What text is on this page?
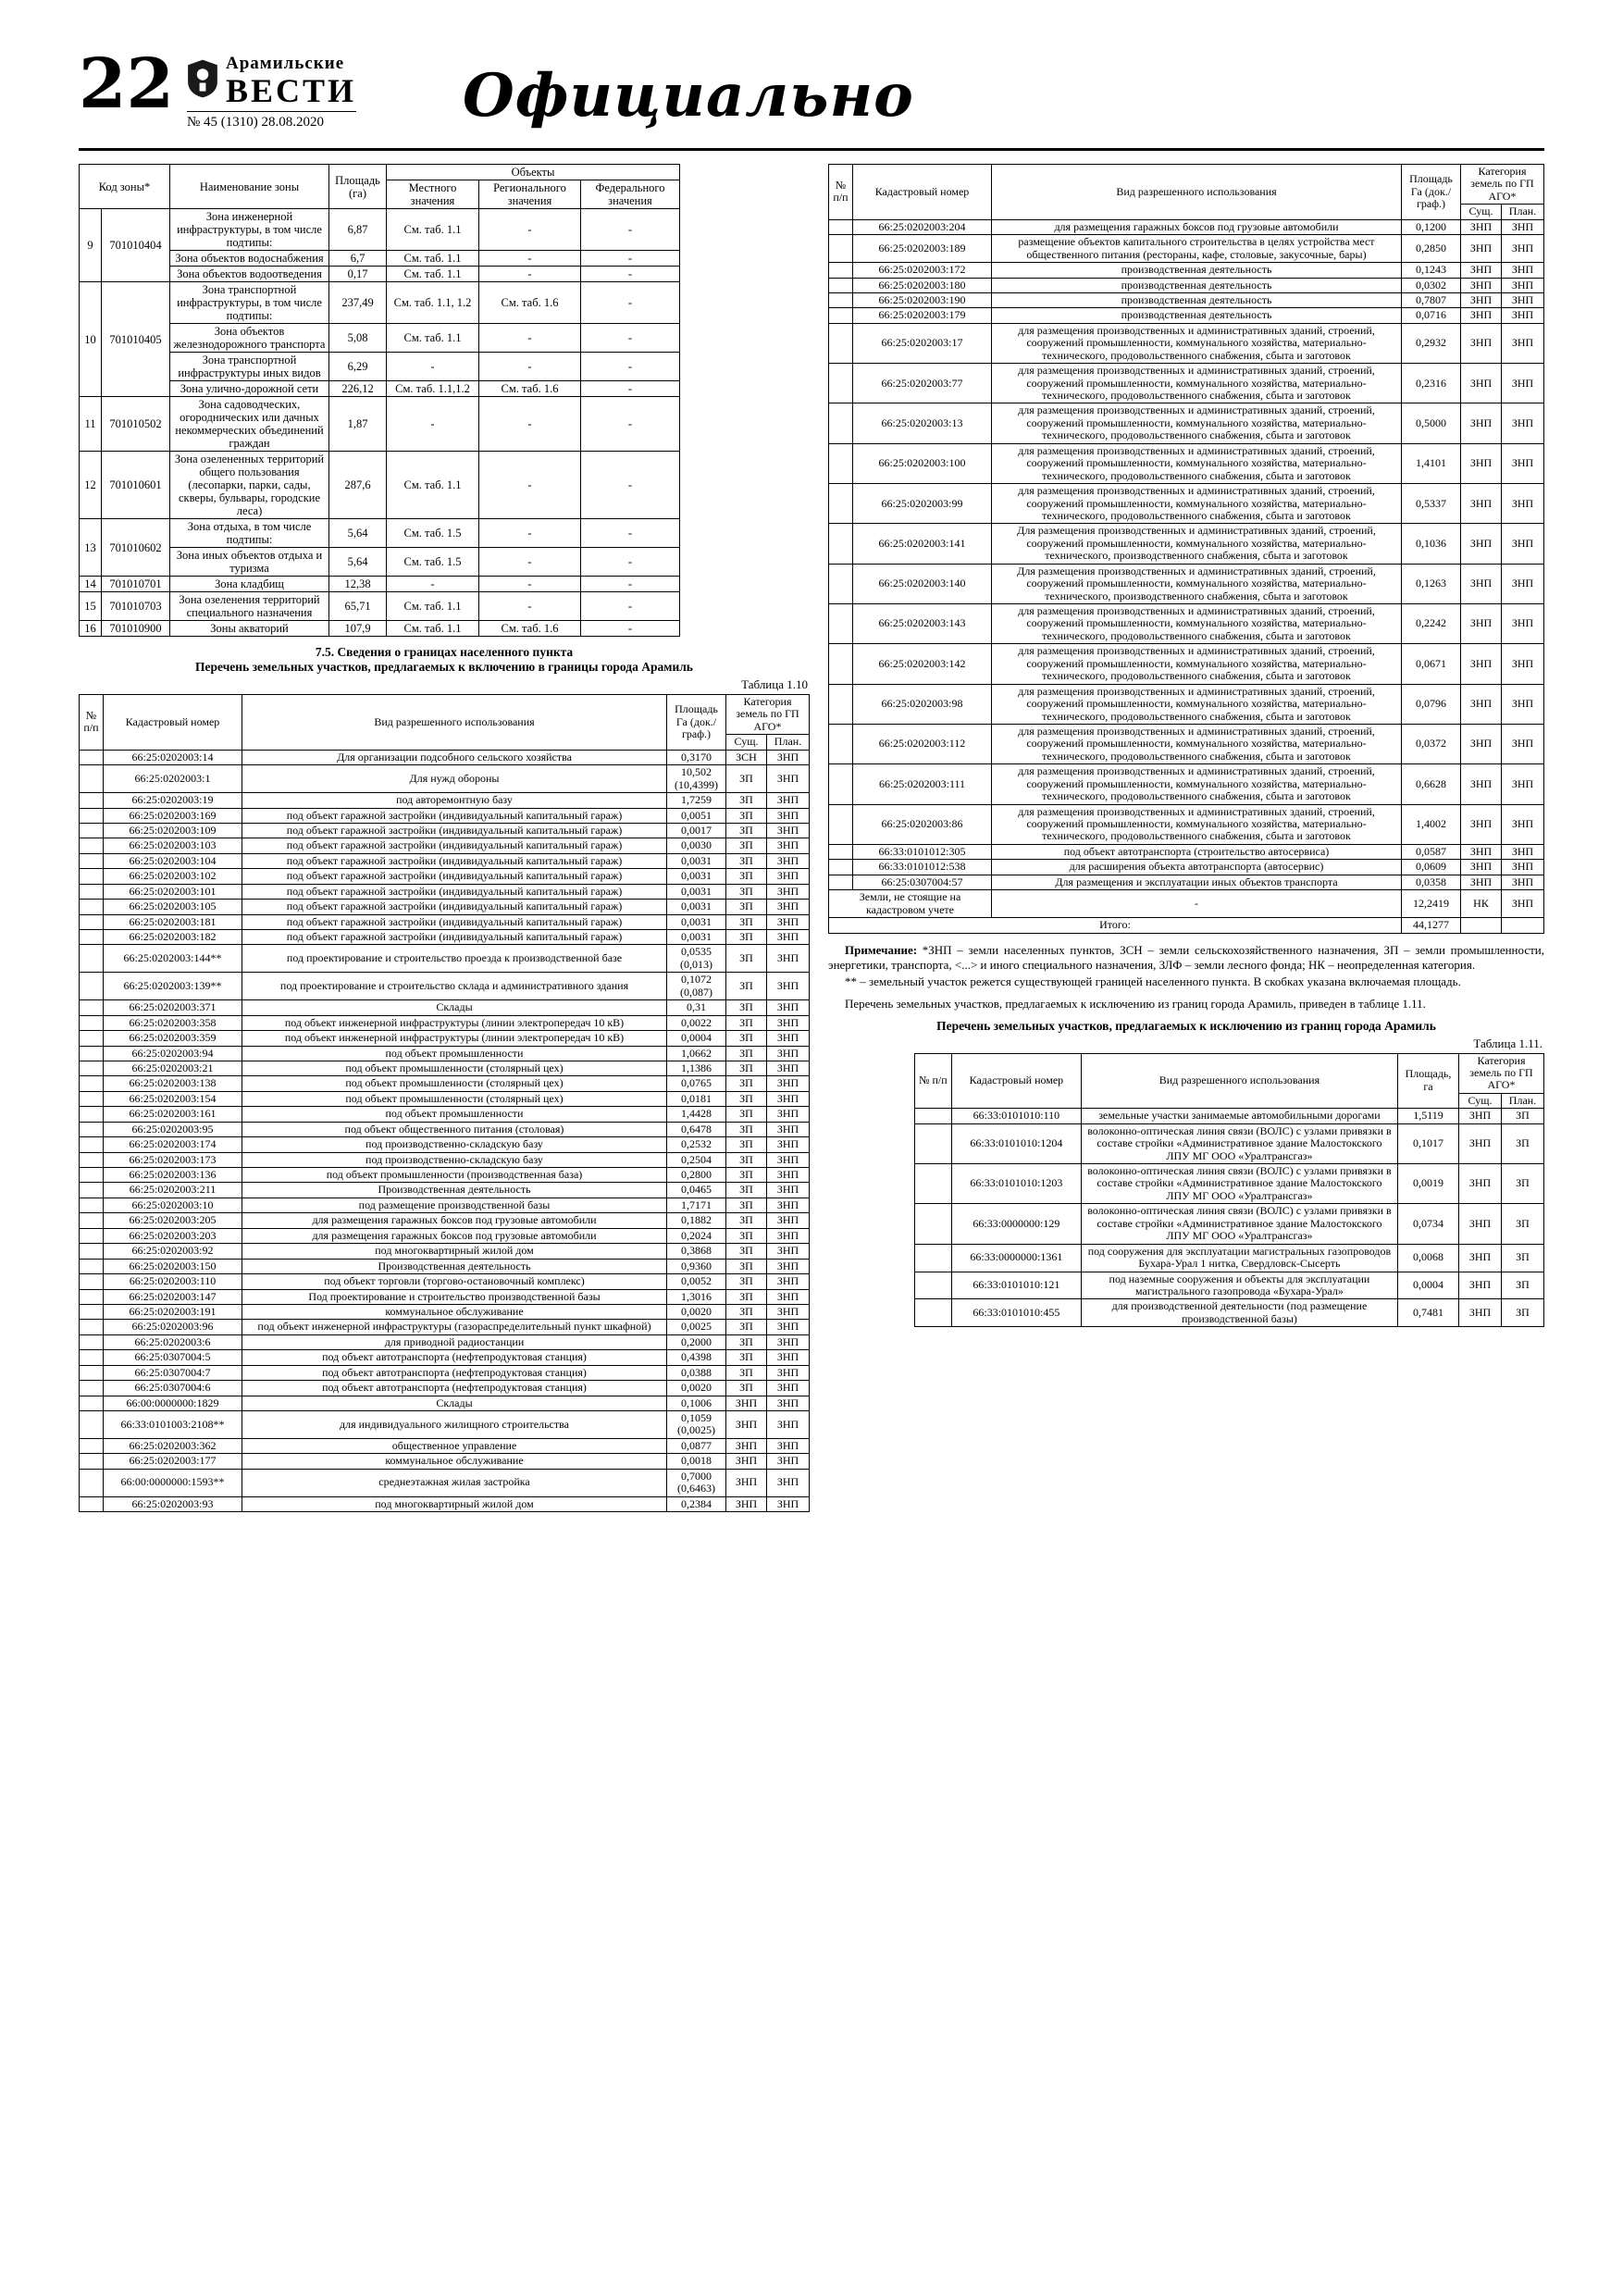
22	Арамильские
ВЕСТИ
№ 45 (1310) 28.08.2020	Официально
Код зоны*		Наименование зоны	Площадь (га)	Объекты		
				Местного значения	Регионального значения	Федерального значения
9	701010404	Зона инженерной инфраструктуры, в том числе подтипы:	6,87	См. таб. 1.1	-	-
		Зона объектов водоснабжения	6,7	См. таб. 1.1	-	-
		Зона объектов водоотведения	0,17	См. таб. 1.1	-	-
10	701010405	Зона транспортной инфраструктуры, в том числе подтипы:	237,49	См. таб. 1.1, 1.2	См. таб. 1.6	-
		Зона объектов железнодорожного транспорта	5,08	См. таб. 1.1	-	-
		Зона транспортной инфраструктуры иных видов	6,29	-	-	-
		Зона улично-дорожной сети	226,12	См. таб. 1.1,1.2	См. таб. 1.6	-
11	701010502	Зона садоводческих, огороднических или дачных некоммерческих объединений граждан	1,87	-	-	-
12	701010601	Зона озелененных территорий общего пользования (лесопарки, парки, сады, скверы, бульвары, городские леса)	287,6	См. таб. 1.1	-	-
13	701010602	Зона отдыха, в том числе подтипы:	5,64	См. таб. 1.5	-	-
		Зона иных объектов отдыха и туризма	5,64	См. таб. 1.5	-	-
14	701010701	Зона кладбищ	12,38	-	-	-
15	701010703	Зона озеленения территорий специального назначения	65,71	См. таб. 1.1	-	-
16	701010900	Зоны акваторий	107,9	См. таб. 1.1	См. таб. 1.6	-
7.5. Сведения о границах населенного пункта
Перечень земельных участков, предлагаемых к включению в границы города Арамиль
Таблица 1.10
№ п/п	Кадастровый номер	Вид разрешенного использования	Площадь Га (док./ граф.)	Категория земель по ГП АГО*	
				Сущ.	План.
	66:25:0202003:14	Для организации подсобного сельского хозяйства	0,3170	ЗСН	ЗНП
	66:25:0202003:1	Для нужд обороны	10,502 (10,4399)	ЗП	ЗНП
	66:25:0202003:19	под авторемонтную базу	1,7259	ЗП	ЗНП
	66:25:0202003:169	под объект гаражной застройки (индивидуальный капитальный гараж)	0,0051	ЗП	ЗНП
	66:25:0202003:109	под объект гаражной застройки (индивидуальный капитальный гараж)	0,0017	ЗП	ЗНП
	66:25:0202003:103	под объект гаражной застройки (индивидуальный капитальный гараж)	0,0030	ЗП	ЗНП
	66:25:0202003:104	под объект гаражной застройки (индивидуальный капитальный гараж)	0,0031	ЗП	ЗНП
	66:25:0202003:102	под объект гаражной застройки (индивидуальный капитальный гараж)	0,0031	ЗП	ЗНП
	66:25:0202003:101	под объект гаражной застройки (индивидуальный капитальный гараж)	0,0031	ЗП	ЗНП
	66:25:0202003:105	под объект гаражной застройки (индивидуальный капитальный гараж)	0,0031	ЗП	ЗНП
	66:25:0202003:181	под объект гаражной застройки (индивидуальный капитальный гараж)	0,0031	ЗП	ЗНП
	66:25:0202003:182	под объект гаражной застройки (индивидуальный капитальный гараж)	0,0031	ЗП	ЗНП
	66:25:0202003:144**	под проектирование и строительство проезда к производственной базе	0,0535 (0,013)	ЗП	ЗНП
	66:25:0202003:139**	под проектирование и строительство склада и административного здания	0,1072 (0,087)	ЗП	ЗНП
	66:25:0202003:371	Склады	0,31	ЗП	ЗНП
	66:25:0202003:358	под объект инженерной инфраструктуры (линии электропередач 10 кВ)	0,0022	ЗП	ЗНП
	66:25:0202003:359	под объект инженерной инфраструктуры (линии электропередач 10 кВ)	0,0004	ЗП	ЗНП
	66:25:0202003:94	под объект промышленности	1,0662	ЗП	ЗНП
	66:25:0202003:21	под объект промышленности (столярный цех)	1,1386	ЗП	ЗНП
	66:25:0202003:138	под объект промышленности (столярный цех)	0,0765	ЗП	ЗНП
	66:25:0202003:154	под объект промышленности (столярный цех)	0,0181	ЗП	ЗНП
	66:25:0202003:161	под объект промышленности	1,4428	ЗП	ЗНП
	66:25:0202003:95	под объект общественного питания (столовая)	0,6478	ЗП	ЗНП
	66:25:0202003:174	под производственно-складскую базу	0,2532	ЗП	ЗНП
	66:25:0202003:173	под производственно-складскую базу	0,2504	ЗП	ЗНП
	66:25:0202003:136	под объект промышленности (производственная база)	0,2800	ЗП	ЗНП
	66:25:0202003:211	Производственная деятельность	0,0465	ЗП	ЗНП
	66:25:0202003:10	под размещение производственной базы	1,7171	ЗП	ЗНП
	66:25:0202003:205	для размещения гаражных боксов под грузовые автомобили	0,1882	ЗП	ЗНП
	66:25:0202003:203	для размещения гаражных боксов под грузовые автомобили	0,2024	ЗП	ЗНП
	66:25:0202003:92	под многоквартирный жилой дом	0,3868	ЗП	ЗНП
	66:25:0202003:150	Производственная деятельность	0,9360	ЗП	ЗНП
	66:25:0202003:110	под объект торговли (торгово-остановочный комплекс)	0,0052	ЗП	ЗНП
	66:25:0202003:147	Под проектирование и строительство производственной базы	1,3016	ЗП	ЗНП
	66:25:0202003:191	коммунальное обслуживание	0,0020	ЗП	ЗНП
	66:25:0202003:96	под объект инженерной инфраструктуры (газораспределительный пункт шкафной)	0,0025	ЗП	ЗНП
	66:25:0202003:6	для приводной радиостанции	0,2000	ЗП	ЗНП
	66:25:0307004:5	под объект автотранспорта (нефтепродуктовая станция)	0,4398	ЗП	ЗНП
	66:25:0307004:7	под объект автотранспорта (нефтепродуктовая станция)	0,0388	ЗП	ЗНП
	66:25:0307004:6	под объект автотранспорта (нефтепродуктовая станция)	0,0020	ЗП	ЗНП
	66:00:0000000:1829	Склады	0,1006	ЗНП	ЗНП
	66:33:0101003:2108**	для индивидуального жилищного строительства	0,1059 (0,0025)	ЗНП	ЗНП
	66:25:0202003:362	общественное управление	0,0877	ЗНП	ЗНП
	66:25:0202003:177	коммунальное обслуживание	0,0018	ЗНП	ЗНП
	66:00:0000000:1593**	среднеэтажная жилая застройка	0,7000 (0,6463)	ЗНП	ЗНП
	66:25:0202003:93	под многоквартирный жилой дом	0,2384	ЗНП	ЗНП
№ п/п	Кадастровый номер	Вид разрешенного использования	Площадь Га (док./ граф.)	Категория земель по ГП АГО*	
				Сущ.	План.
	66:25:0202003:204	для размещения гаражных боксов под грузовые автомобили	0,1200	ЗНП	ЗНП
	66:25:0202003:189	размещение объектов капитального строительства в целях устройства мест общественного питания (рестораны, кафе, столовые, закусочные, бары)	0,2850	ЗНП	ЗНП
	66:25:0202003:172	производственная деятельность	0,1243	ЗНП	ЗНП
	66:25:0202003:180	производственная деятельность	0,0302	ЗНП	ЗНП
	66:25:0202003:190	производственная деятельность	0,7807	ЗНП	ЗНП
	66:25:0202003:179	производственная деятельность	0,0716	ЗНП	ЗНП
	66:25:0202003:17	для размещения производственных и административных зданий, строений, сооружений промышленности, коммунального хозяйства, материально-технического, продовольственного снабжения, сбыта и заготовок	0,2932	ЗНП	ЗНП
	66:25:0202003:77	для размещения производственных и административных зданий, строений, сооружений промышленности, коммунального хозяйства, материально-технического, продовольственного снабжения, сбыта и заготовок	0,2316	ЗНП	ЗНП
	66:25:0202003:13	для размещения производственных и административных зданий, строений, сооружений промышленности, коммунального хозяйства, материально-технического, продовольственного снабжения, сбыта и заготовок	0,5000	ЗНП	ЗНП
	66:25:0202003:100	для размещения производственных и административных зданий, строений, сооружений промышленности, коммунального хозяйства, материально-технического, продовольственного снабжения, сбыта и заготовок	1,4101	ЗНП	ЗНП
	66:25:0202003:99	для размещения производственных и административных зданий, строений, сооружений промышленности, коммунального хозяйства, материально-технического, продовольственного снабжения, сбыта и заготовок	0,5337	ЗНП	ЗНП
	66:25:0202003:141	Для размещения производственных и административных зданий, строений, сооружений промышленности, коммунального хозяйства, материально-технического, производственного снабжения, сбыта и заготовок	0,1036	ЗНП	ЗНП
	66:25:0202003:140	Для размещения производственных и административных зданий, строений, сооружений промышленности, коммунального хозяйства, материально-технического, производственного снабжения, сбыта и заготовок	0,1263	ЗНП	ЗНП
	66:25:0202003:143	для размещения производственных и административных зданий, строений, сооружений промышленности, коммунального хозяйства, материально-технического, продовольственного снабжения, сбыта и заготовок	0,2242	ЗНП	ЗНП
	66:25:0202003:142	для размещения производственных и административных зданий, строений, сооружений промышленности, коммунального хозяйства, материально-технического, продовольственного снабжения, сбыта и заготовок	0,0671	ЗНП	ЗНП
	66:25:0202003:98	для размещения производственных и административных зданий, строений, сооружений промышленности, коммунального хозяйства, материально-технического, продовольственного снабжения, сбыта и заготовок	0,0796	ЗНП	ЗНП
	66:25:0202003:112	для размещения производственных и административных зданий, строений, сооружений промышленности, коммунального хозяйства, материально-технического, продовольственного снабжения, сбыта и заготовок	0,0372	ЗНП	ЗНП
	66:25:0202003:111	для размещения производственных и административных зданий, строений, сооружений промышленности, коммунального хозяйства, материально-технического, продовольственного снабжения, сбыта и заготовок	0,6628	ЗНП	ЗНП
	66:25:0202003:86	для размещения производственных и административных зданий, строений, сооружений промышленности, коммунального хозяйства, материально-технического, продовольственного снабжения, сбыта и заготовок	1,4002	ЗНП	ЗНП
	66:33:0101012:305	под объект автотранспорта (строительство автосервиса)	0,0587	ЗНП	ЗНП
	66:33:0101012:538	для расширения объекта автотранспорта (автосервис)	0,0609	ЗНП	ЗНП
	66:25:0307004:57	Для размещения и эксплуатации иных объектов транспорта	0,0358	ЗНП	ЗНП
Земли, не стоящие на кадастровом учете		-	12,2419	НК	ЗНП
Итого:			44,1277		

Примечание: *ЗНП – земли населенных пунктов, ЗСН – земли сельскохозяйственного назначения, ЗП – земли промышленности, энергетики, транспорта, <...> и иного специального назначения, ЗЛФ – земли лесного фонда; НК – неопределенная категория.

** – земельный участок режется существующей границей населенного пункта. В скобках указана включаемая площадь.

Перечень земельных участков, предлагаемых к исключению из границ города Арамиль, приведен в таблице 1.11.

Перечень земельных участков, предлагаемых к исключению из границ города Арамиль
Таблица 1.11.
№ п/п	Кадастровый номер	Вид разрешенного использования	Площадь, га	Категория земель по ГП АГО*	
				Сущ.	План.
	66:33:0101010:110	земельные участки занимаемые автомобильными дорогами	1,5119	ЗНП	ЗП
	66:33:0101010:1204	волоконно-оптическая линия связи (ВОЛС) с узлами привязки в составе стройки «Административное здание Малостокского ЛПУ МГ ООО «Уралтрансгаз»	0,1017	ЗНП	ЗП
	66:33:0101010:1203	волоконно-оптическая линия связи (ВОЛС) с узлами привязки в составе стройки «Административное здание Малостокского ЛПУ МГ ООО «Уралтрансгаз»	0,0019	ЗНП	ЗП
	66:33:0000000:129	волоконно-оптическая линия связи (ВОЛС) с узлами привязки в составе стройки «Административное здание Малостокского ЛПУ МГ ООО «Уралтрансгаз»	0,0734	ЗНП	ЗП
	66:33:0000000:1361	под сооружения для эксплуатации магистральных газопроводов Бухара-Урал 1 нитка, Свердловск-Сысерть	0,0068	ЗНП	ЗП
	66:33:0101010:121	под наземные сооружения и объекты для эксплуатации магистрального газопровода «Бухара-Урал»	0,0004	ЗНП	ЗП
	66:33:0101010:455	для производственной деятельности (под размещение производственной базы)	0,7481	ЗНП	ЗП
